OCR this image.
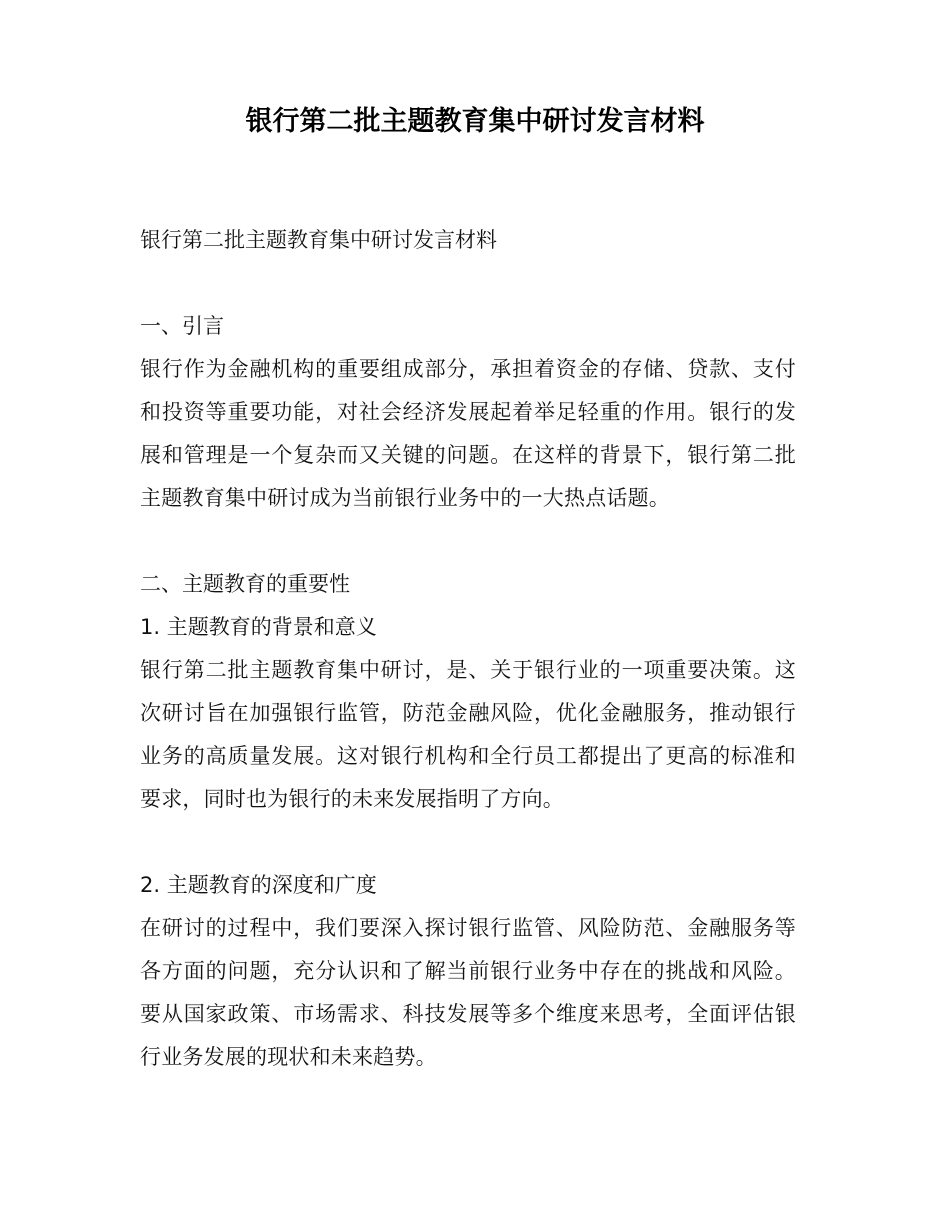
银行第二批主题教育集中研讨发言材料
银行第二批主题教育集中研讨发言材料
一、引言

银行作为金融机构的重要组成部分，承担着资金的存储、贷款、支付和投资等重要功能，对社会经济发展起着举足轻重的作用。银行的发展和管理是一个复杂而又关键的问题。在这样的背景下，银行第二批主题教育集中研讨成为当前银行业务中的一大热点话题。

二、主题教育的重要性
1. 主题教育的背景和意义

银行第二批主题教育集中研讨，是、关于银行业的一项重要决策。这次研讨旨在加强银行监管，防范金融风险，优化金融服务，推动银行业务的高质量发展。这对银行机构和全行员工都提出了更高的标准和要求，同时也为银行的未来发展指明了方向。

2. 主题教育的深度和广度

在研讨的过程中，我们要深入探讨银行监管、风险防范、金融服务等各方面的问题，充分认识和了解当前银行业务中存在的挑战和风险。要从国家政策、市场需求、科技发展等多个维度来思考，全面评估银行业务发展的现状和未来趋势。
